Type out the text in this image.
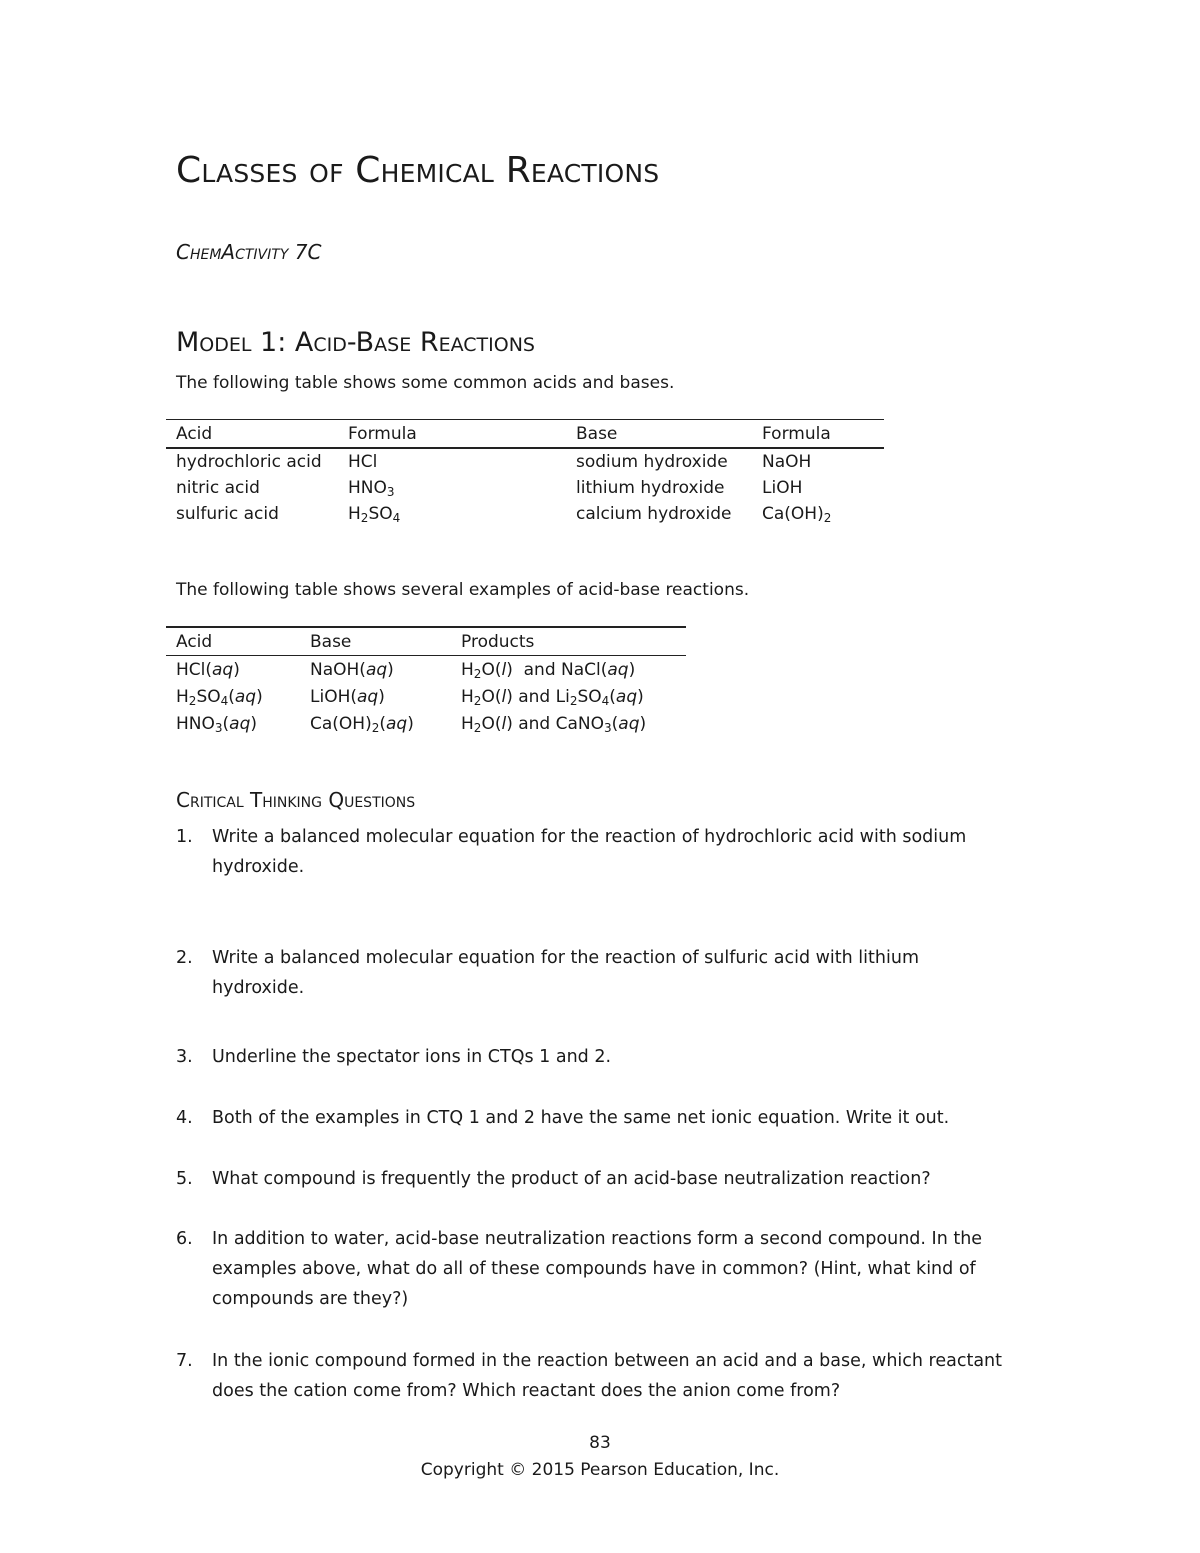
Classes of Chemical Reactions
ChemActivity 7C
Model 1: Acid-Base Reactions
The following table shows some common acids and bases.
Acid	Formula	Base	Formula
hydrochloric acid	HCl	sodium hydroxide	NaOH
nitric acid	$HNO_3$	lithium hydroxide	LiOH
sulfuric acid	$H_2SO_4$	calcium hydroxide	$Ca(OH)_2$
The following table shows several examples of acid-base reactions.
Acid	Base	Products
HCl(aq)	NaOH(aq)	$H_2O(l)$  and NaCl(aq)
$H_2SO_4(aq)$	LiOH(aq)	$H_2O(l)$ and $Li_2SO_4(aq)$
$HNO_3(aq)$	$Ca(OH)_2(aq)$	$H_2O(l)$ and CaNO$_3$(aq)
Critical Thinking Questions
1. Write a balanced molecular equation for the reaction of hydrochloric acid with sodium hydroxide.
2. Write a balanced molecular equation for the reaction of sulfuric acid with lithium hydroxide.
3. Underline the spectator ions in CTQs 1 and 2.
4. Both of the examples in CTQ 1 and 2 have the same net ionic equation. Write it out.
5. What compound is frequently the product of an acid-base neutralization reaction?
6. In addition to water, acid-base neutralization reactions form a second compound. In the examples above, what do all of these compounds have in common? (Hint, what kind of compounds are they?)
7. In the ionic compound formed in the reaction between an acid and a base, which reactant does the cation come from? Which reactant does the anion come from?
83
Copyright © 2015 Pearson Education, Inc.
